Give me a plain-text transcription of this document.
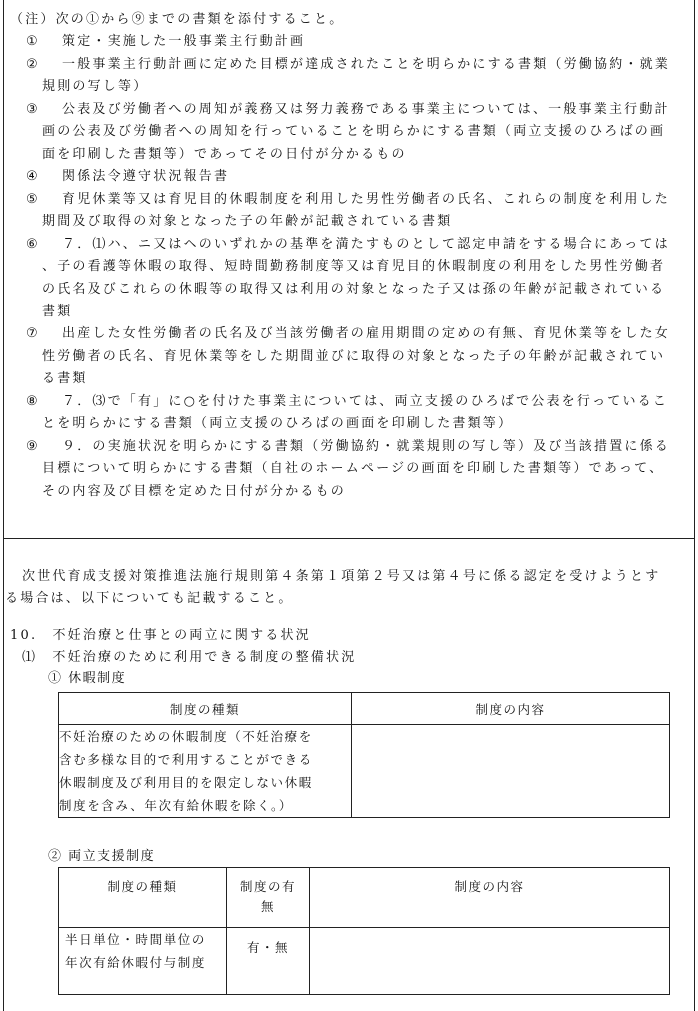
（注）次の①から⑨までの書類を添付すること。
① 策定・実施した一般事業主行動計画
② 一般事業主行動計画に定めた目標が達成されたことを明らかにする書類（労働協約・就業
規則の写し等）
③ 公表及び労働者への周知が義務又は努力義務である事業主については、一般事業主行動計
画の公表及び労働者への周知を行っていることを明らかにする書類（両立支援のひろばの画
面を印刷した書類等）であってその日付が分かるもの
④ 関係法令遵守状況報告書
⑤ 育児休業等又は育児目的休暇制度を利用した男性労働者の氏名、これらの制度を利用した
期間及び取得の対象となった子の年齢が記載されている書類
⑥ ７．⑴ハ、ニ又はヘのいずれかの基準を満たすものとして認定申請をする場合にあっては
、子の看護等休暇の取得、短時間勤務制度等又は育児目的休暇制度の利用をした男性労働者
の氏名及びこれらの休暇等の取得又は利用の対象となった子又は孫の年齢が記載されている
書類
⑦ 出産した女性労働者の氏名及び当該労働者の雇用期間の定めの有無、育児休業等をした女
性労働者の氏名、育児休業等をした期間並びに取得の対象となった子の年齢が記載されてい
る書類
⑧ ７．⑶で「有」に○を付けた事業主については、両立支援のひろばで公表を行っているこ
とを明らかにする書類（両立支援のひろばの画面を印刷した書類等）
⑨ ９．の実施状況を明らかにする書類（労働協約・就業規則の写し等）及び当該措置に係る
目標について明らかにする書類（自社のホームページの画面を印刷した書類等）であって、
その内容及び目標を定めた日付が分かるもの
次世代育成支援対策推進法施行規則第４条第１項第２号又は第４号に係る認定を受けようとす
る場合は、以下についても記載すること。
10.　不妊治療と仕事との両立に関する状況
⑴　不妊治療のために利用できる制度の整備状況
① 休暇制度
制度の種類	制度の内容

不妊治療のための休暇制度（不妊治療を
含む多様な目的で利用することができる
休暇制度及び利用目的を限定しない休暇
制度を含み、年次有給休暇を除く。）	

② 両立支援制度
制度の種類	制度の有
無	制度の内容

半日単位・時間単位の
年次有給休暇付与制度	有・無	
